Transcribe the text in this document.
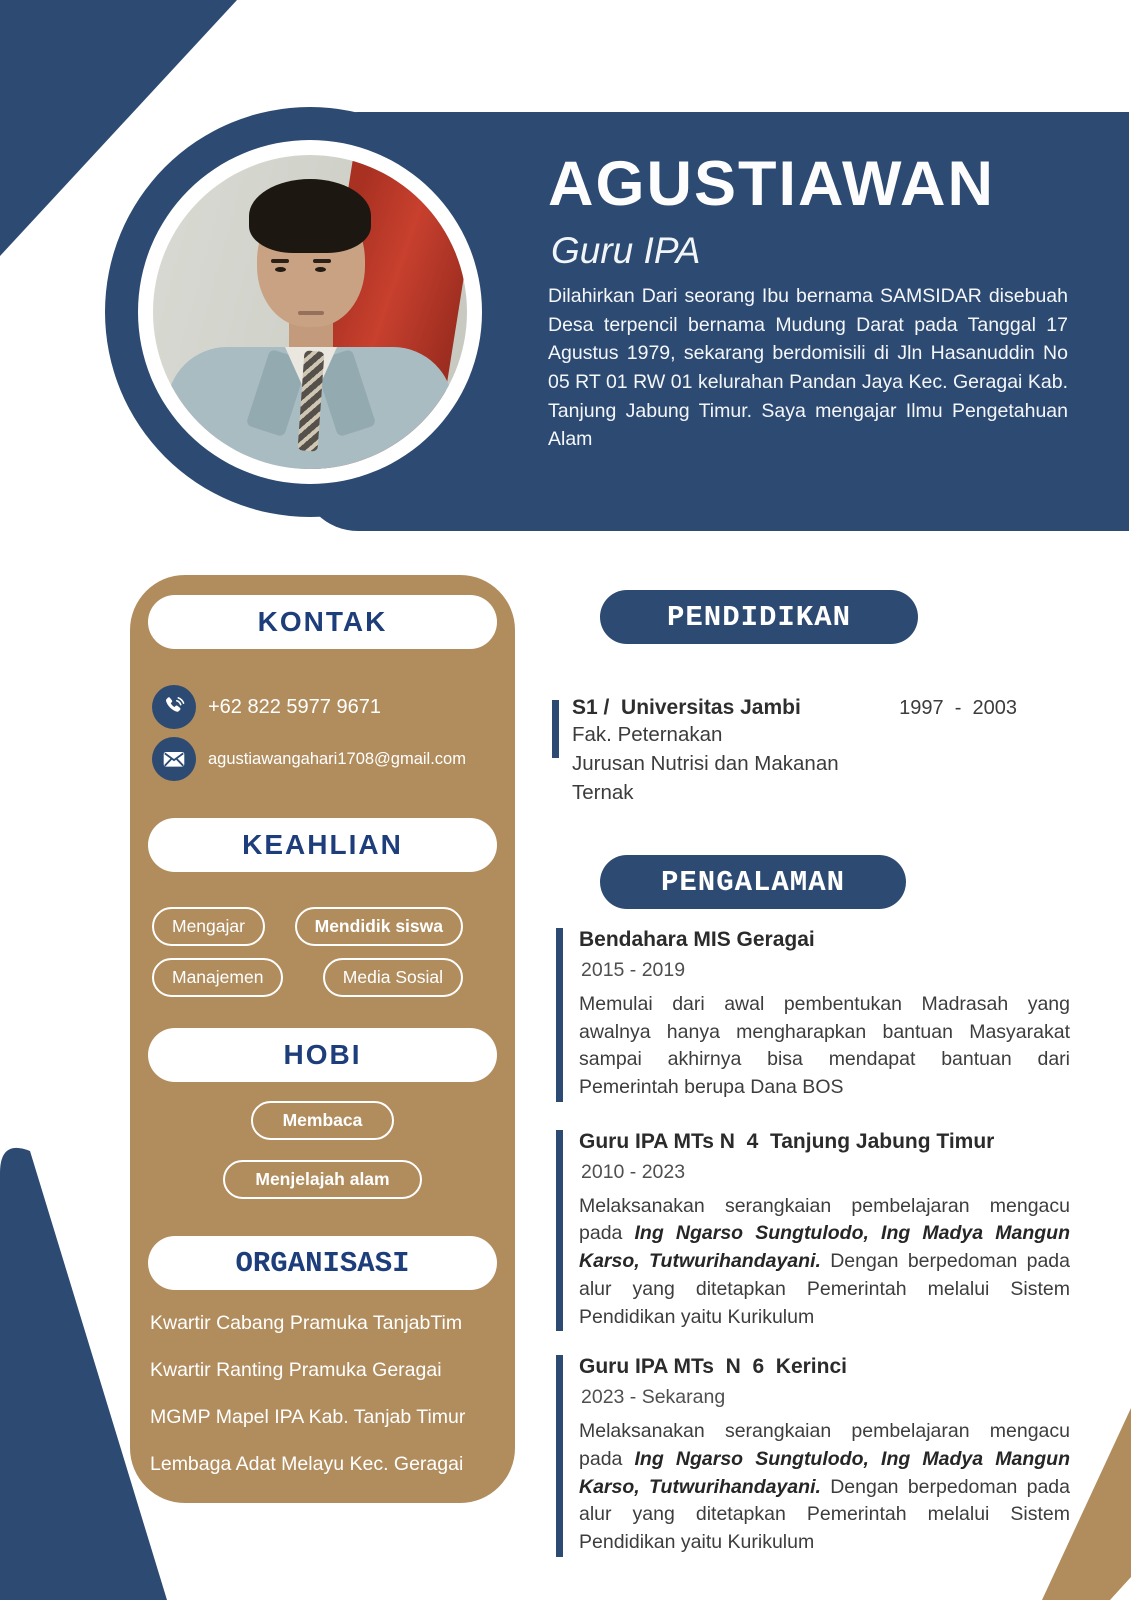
AGUSTIAWAN
Guru IPA

Dilahirkan Dari seorang Ibu bernama SAMSIDAR disebuah Desa terpencil bernama Mudung Darat pada Tanggal 17 Agustus 1979, sekarang berdomisili di Jln Hasanuddin No 05 RT 01 RW 01 kelurahan Pandan Jaya Kec. Geragai Kab. Tanjung Jabung Timur. Saya mengajar Ilmu Pengetahuan Alam

KONTAK
+62 822 5977 9671
agustiawangahari1708@gmail.com
KEAHLIAN
Mengajar	Mendidik siswa
Manajemen	Media Sosial
HOBI
Membaca
Menjelajah alam
ORGANISASI
Kwartir Cabang Pramuka TanjabTim
Kwartir Ranting Pramuka Geragai
MGMP Mapel IPA Kab. Tanjab Timur
Lembaga Adat Melayu Kec. Geragai
PENDIDIKAN
S1 /  Universitas Jambi	1997  -  2003
Fak. Peternakan
Jurusan Nutrisi dan Makanan
Ternak
PENGALAMAN
Bendahara MIS Geragai
2015 - 2019

Memulai dari awal pembentukan Madrasah yang awalnya hanya mengharapkan bantuan Masyarakat sampai akhirnya bisa mendapat bantuan dari Pemerintah berupa Dana BOS

Guru IPA MTs N  4  Tanjung Jabung Timur
2010 - 2023

Melaksanakan serangkaian pembelajaran mengacu pada Ing Ngarso Sungtulodo, Ing Madya Mangun Karso, Tutwurihandayani. Dengan berpedoman pada alur yang ditetapkan Pemerintah melalui Sistem Pendidikan yaitu Kurikulum

Guru IPA MTs  N  6  Kerinci
2023 - Sekarang

Melaksanakan serangkaian pembelajaran mengacu pada Ing Ngarso Sungtulodo, Ing Madya Mangun Karso, Tutwurihandayani. Dengan berpedoman pada alur yang ditetapkan Pemerintah melalui Sistem Pendidikan yaitu Kurikulum
